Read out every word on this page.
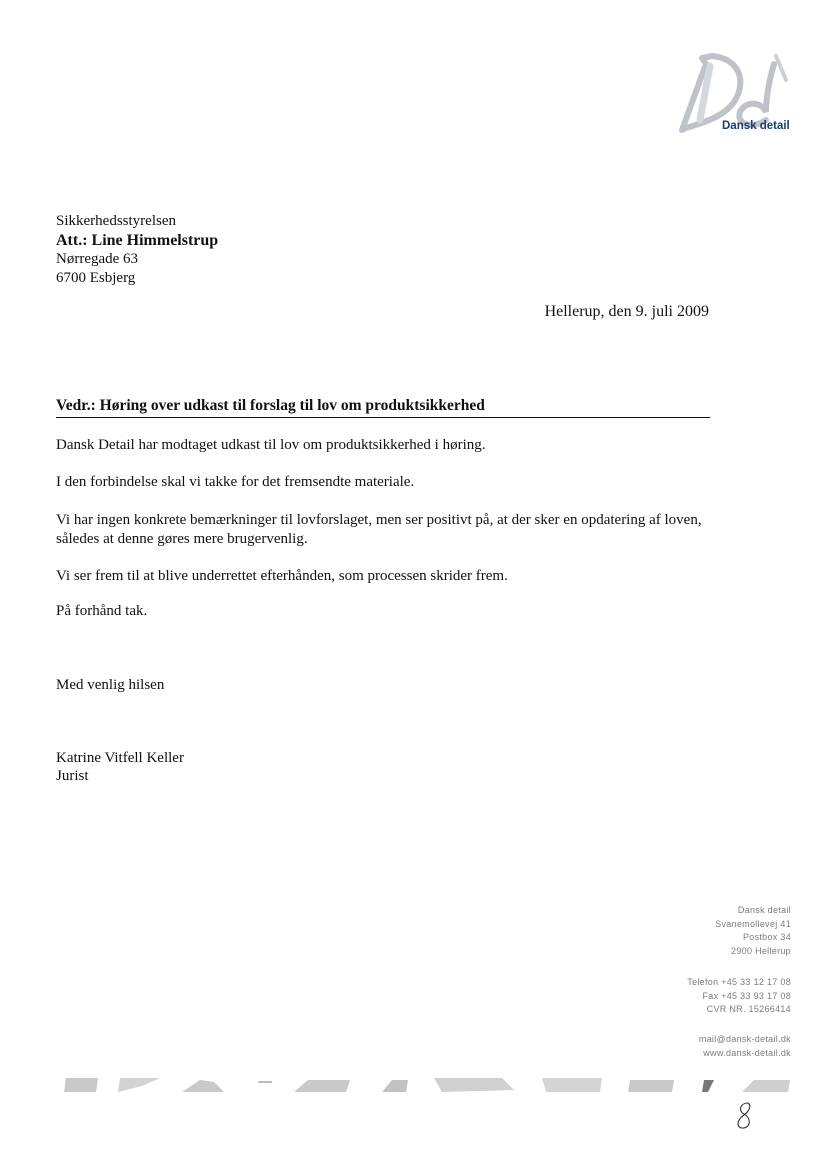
Dansk detail
Sikkerhedsstyrelsen
Att.: Line Himmelstrup
Nørregade 63
6700 Esbjerg
Hellerup, den 9. juli 2009
Vedr.: Høring over udkast til forslag til lov om produktsikkerhed
Dansk Detail har modtaget udkast til lov om produktsikkerhed i høring.
I den forbindelse skal vi takke for det fremsendte materiale.
Vi har ingen konkrete bemærkninger til lovforslaget, men ser positivt på, at der sker en opdatering af loven, således at denne gøres mere brugervenlig.
Vi ser frem til at blive underrettet efterhånden, som processen skrider frem.
På forhånd tak.
Med venlig hilsen
Katrine Vitfell Keller
Jurist
Dansk detail
Svanemollevej 41
Postbox 34
2900 Hellerup
Telefon +45 33 12 17 08
Fax +45 33 93 17 08
CVR NR. 15266414
mail@dansk-detail.dk
www.dansk-detail.dk
